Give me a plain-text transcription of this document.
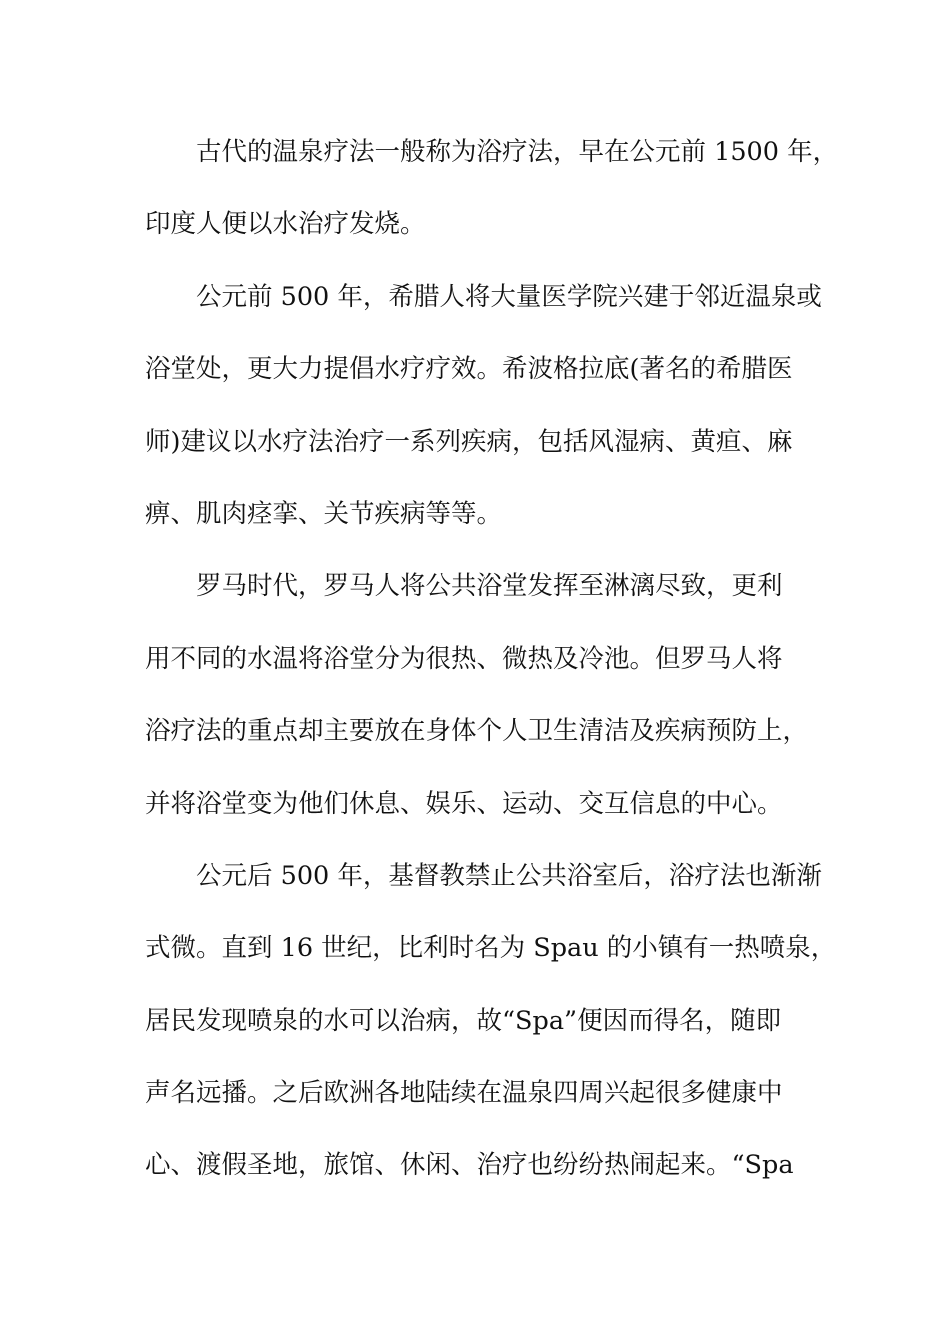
古代的温泉疗法一般称为浴疗法，早在公元前 1500 年，
印度人便以水治疗发烧。
公元前 500 年，希腊人将大量医学院兴建于邻近温泉或
浴堂处，更大力提倡水疗疗效。希波格拉底(著名的希腊医
师)建议以水疗法治疗一系列疾病，包括风湿病、黄疸、麻
痹、肌肉痉挛、关节疾病等等。
罗马时代，罗马人将公共浴堂发挥至淋漓尽致，更利
用不同的水温将浴堂分为很热、微热及冷池。但罗马人将
浴疗法的重点却主要放在身体个人卫生清洁及疾病预防上，
并将浴堂变为他们休息、娱乐、运动、交互信息的中心。
公元后 500 年，基督教禁止公共浴室后，浴疗法也渐渐
式微。直到 16 世纪，比利时名为 Spau 的小镇有一热喷泉，
居民发现喷泉的水可以治病，故“Spa”便因而得名，随即
声名远播。之后欧洲各地陆续在温泉四周兴起很多健康中
心、渡假圣地，旅馆、休闲、治疗也纷纷热闹起来。“Spa
